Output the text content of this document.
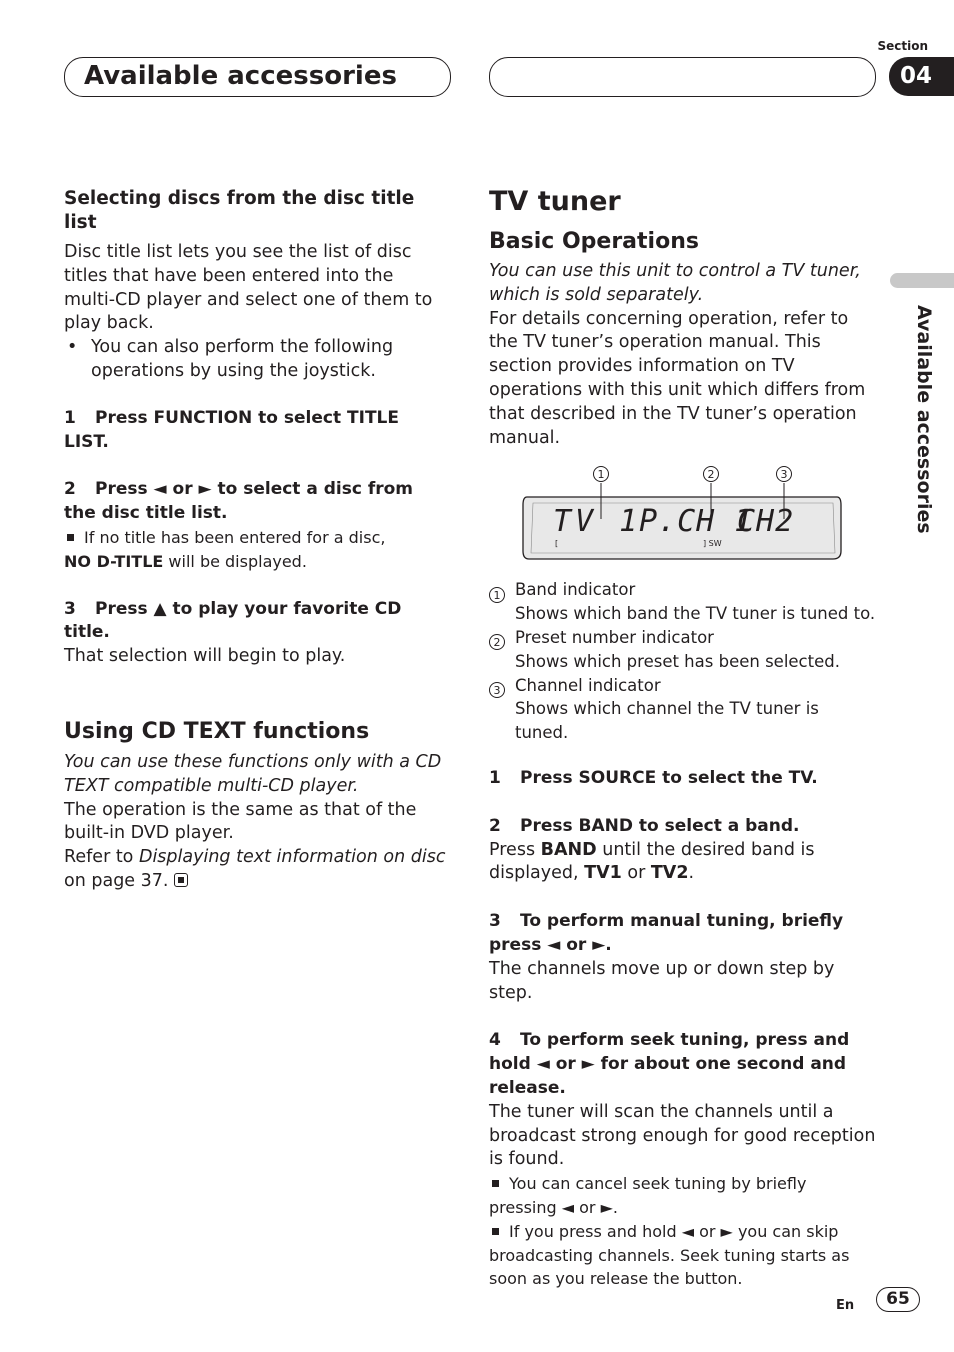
Available accessories
Section
04
Available accessories
Selecting discs from the disc title list

Disc title list lets you see the list of disc titles that have been entered into the multi-CD player and select one of them to play back.

• You can also perform the following operations by using the joystick.
1 Press FUNCTION to select TITLE LIST.
2 Press ◄ or ► to select a disc from the disc title list.
If no title has been entered for a disc,
NO D-TITLE will be displayed.
3 Press ▲ to play your favorite CD title.

That selection will begin to play.

Using CD TEXT functions

You can use these functions only with a CD TEXT compatible multi-CD player.

The operation is the same as that of the built-in DVD player.

Refer to Displaying text information on disc on page 37.

TV tuner
Basic Operations

You can use this unit to control a TV tuner, which is sold separately.

For details concerning operation, refer to the TV tuner’s operation manual. This section provides information on TV operations with this unit which differs from that described in the TV tuner’s operation manual.

1	2	3
TV 1
P.CH 1
CH2
[	] SW
1 Band indicator
Shows which band the TV tuner is tuned to.
2 Preset number indicator
Shows which preset has been selected.
3 Channel indicator
Shows which channel the TV tuner is tuned.
1 Press SOURCE to select the TV.
2 Press BAND to select a band.

Press BAND until the desired band is displayed, TV1 or TV2.

3 To perform manual tuning, briefly press ◄ or ►.

The channels move up or down step by step.

4 To perform seek tuning, press and hold ◄ or ► for about one second and release.

The tuner will scan the channels until a broadcast strong enough for good reception is found.

You can cancel seek tuning by briefly pressing ◄ or ►.
If you press and hold ◄ or ► you can skip broadcasting channels. Seek tuning starts as soon as you release the button.
En	65
